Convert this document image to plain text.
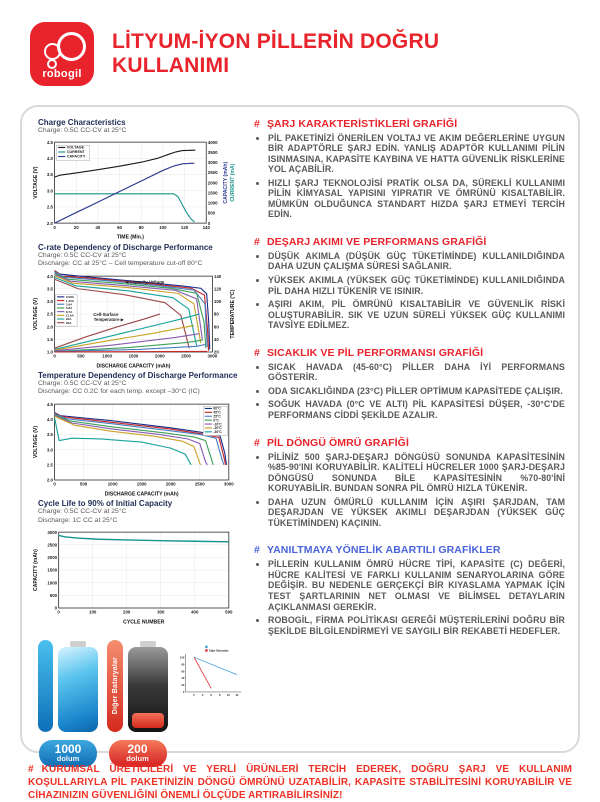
robogil
LİTYUM-İYON PİLLERİN DOĞRU KULLANIMI
Charge Characteristics
Charge: 0.5C CC-CV at 25°C
0	20	40	60	80	100	120	140
2.0
2.5
3.0
3.5
4.0
4.5
0
500
1000
1500
2000
2500
3000
3500
4000
TIME (Min.)
VOLTAGE (V)	CAPACITY (mAh) CURRENT (mA)
VOLTAGE
CURRENT
CAPACITY
C-rate Dependency of Discharge Performance
Charge: 0.5C CC-CV at 25°C
Discharge: CC at 25°C – Cell temperature cut-off 80°C
0	500	1000	1500	2000	2500	3000
1.0
1.5
2.0
2.5
3.0
3.5
4.0
20
40
60
80
100
120
140
DISCHARGE CAPACITY (mAh)
VOLTAGE (V)	TEMPERATURE (°C)
0.58A
1.45A
2.9A
5.8A
8.7A
11.6A
20A
26A
◀ Capacity-Voltage
Cell-Surface
Temperature ▶
Temperature Dependency of Discharge Performance
Charge: 0.5C CC-CV at 25°C
Discharge: CC 0.2C for each temp. except –30°C (IC)
0	500	1000	1500	2000	2500	3000
2.0
2.5
3.0
3.5
4.0
4.5
DISCHARGE CAPACITY (mAh)
VOLTAGE (V)
60°C
45°C
25°C
0°C
-10°C
-20°C
-30°C
Cycle Life to 90% of Initial Capacity
Charge: 0.5C CC-CV at 25°C
Discharge: 1C CC at 25°C
0	100	200	300	400	500
0
500
1000
1500
2000
2500
3000
CYCLE NUMBER
CAPACITY (mAh)
1000
dolum
Diğer Bataryalar
200
dolum
2 4 6 8 10 12
0
20
40
60
80
100
Diğer Bataryalar
# ŞARJ KARAKTERİSTİKLERİ GRAFİĞİ
• PİL PAKETİNİZİ ÖNERİLEN VOLTAJ VE AKIM DEĞERLERİNE UYGUN BİR ADAPTÖRLE ŞARJ EDİN. YANLIŞ ADAPTÖR KULLANIMI PİLİN ISINMASINA, KAPASİTE KAYBINA VE HATTA GÜVENLİK RİSKLERİNE YOL AÇABİLİR.
• HIZLI ŞARJ TEKNOLOJİSİ PRATİK OLSA DA, SÜREKLİ KULLANIMI PİLİN KİMYASAL YAPISINI YIPRATIR VE ÖMRÜNÜ KISALTABİLİR. MÜMKÜN OLDUĞUNCA STANDART HIZDA ŞARJ ETMEYİ TERCİH EDİN.
# DEŞARJ AKIMI VE PERFORMANS GRAFİĞİ
• DÜŞÜK AKIMLA (DÜŞÜK GÜÇ TÜKETİMİNDE) KULLANILDIĞINDA DAHA UZUN ÇALIŞMA SÜRESİ SAĞLANIR.
• YÜKSEK AKIMLA (YÜKSEK GÜÇ TÜKETİMİNDE) KULLANILDIĞINDA PİL DAHA HIZLI TÜKENİR VE ISINIR.
• AŞIRI AKIM, PİL ÖMRÜNÜ KISALTABİLİR VE GÜVENLİK RİSKİ OLUŞTURABİLİR. SIK VE UZUN SÜRELİ YÜKSEK GÜÇ KULLANIMI TAVSİYE EDİLMEZ.
# SICAKLIK VE PİL PERFORMANSI GRAFİĞİ
• SICAK HAVADA (45-60°C) PİLLER DAHA İYİ PERFORMANS GÖSTERİR.
• ODA SICAKLIĞINDA (23°C) PİLLER OPTİMUM KAPASİTEDE ÇALIŞIR.
• SOĞUK HAVADA (0°C VE ALTI) PİL KAPASİTESİ DÜŞER, -30°C'DE PERFORMANS CİDDİ ŞEKİLDE AZALIR.
# PİL DÖNGÜ ÖMRÜ GRAFİĞİ
• PİLİNİZ 500 ŞARJ-DEŞARJ DÖNGÜSÜ SONUNDA KAPASİTESİNİN %85-90'INI KORUYABİLİR. KALİTELİ HÜCRELER 1000 ŞARJ-DEŞARJ DÖNGÜSÜ SONUNDA BİLE KAPASİTESİNİN %70-80'İNİ KORUYABİLİR. BUNDAN SONRA PİL ÖMRÜ HIZLA TÜKENİR.
• DAHA UZUN ÖMÜRLÜ KULLANIM İÇİN AŞIRI ŞARJDAN, TAM DEŞARJDAN VE YÜKSEK AKIMLI DEŞARJDAN (YÜKSEK GÜÇ TÜKETİMİNDEN) KAÇININ.
# YANILTMAYA YÖNELİK ABARTILI GRAFİKLER
• PİLLERİN KULLANIM ÖMRÜ HÜCRE TİPİ, KAPASİTE (C) DEĞERİ, HÜCRE KALİTESİ VE FARKLI KULLANIM SENARYOLARINA GÖRE DEĞİŞİR. BU NEDENLE GERÇEKÇİ BİR KIYASLAMA YAPMAK İÇİN TEST ŞARTLARININ NET OLMASI VE BİLİMSEL DETAYLARIN AÇIKLANMASI GEREKİR.
• ROBOGİL, FİRMA POLİTİKASI GEREĞİ MÜŞTERİLERİNİ DOĞRU BİR ŞEKİLDE BİLGİLENDİRMEYİ VE SAYGILI BİR REKABETİ HEDEFLER.

# KURUMSAL ÜRETİCİLERİ VE YERLİ ÜRÜNLERİ TERCİH EDEREK, DOĞRU ŞARJ VE KULLANIM KOŞULLARIYLA PİL PAKETİNİZİN DÖNGÜ ÖMRÜNÜ UZATABİLİR, KAPASİTE STABİLİTESİNİ KORUYABİLİR VE CİHAZINIZIN GÜVENLİĞİNİ ÖNEMLİ ÖLÇÜDE ARTIRABİLİRSİNİZ!
